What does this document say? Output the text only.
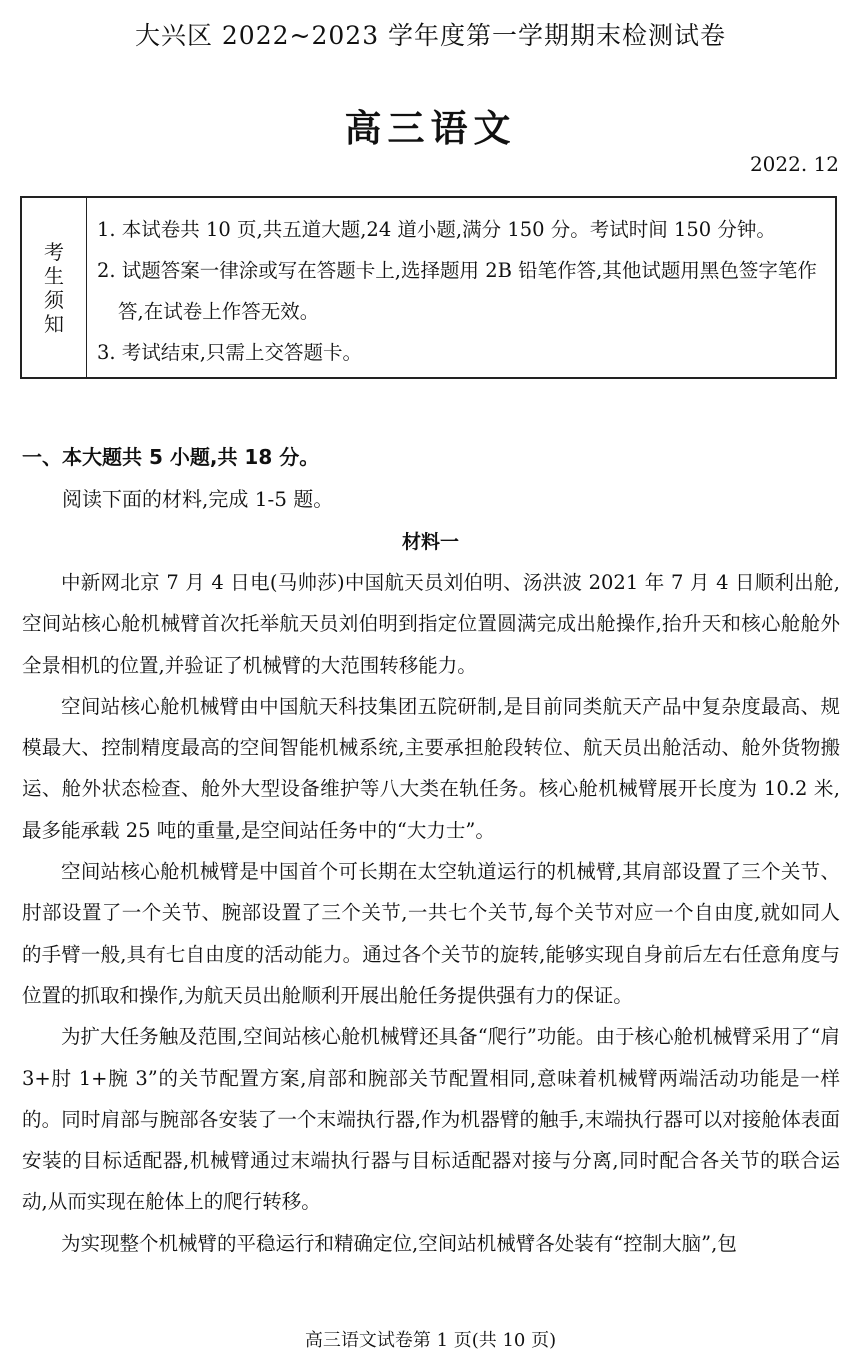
大兴区 2022~2023 学年度第一学期期末检测试卷
高三语文
2022. 12
考
生
须
知

1. 本试卷共 10 页,共五道大题,24 道小题,满分 150 分。考试时间 150 分钟。

2. 试题答案一律涂或写在答题卡上,选择题用 2B 铅笔作答,其他试题用黑色签字笔作答,在试卷上作答无效。

3. 考试结束,只需上交答题卡。

一、本大题共 5 小题,共 18 分。
阅读下面的材料,完成 1-5 题。
材料一

中新网北京 7 月 4 日电(马帅莎)中国航天员刘伯明、汤洪波 2021 年 7 月 4 日顺利出舱,空间站核心舱机械臂首次托举航天员刘伯明到指定位置圆满完成出舱操作,抬升天和核心舱舱外全景相机的位置,并验证了机械臂的大范围转移能力。

空间站核心舱机械臂由中国航天科技集团五院研制,是目前同类航天产品中复杂度最高、规模最大、控制精度最高的空间智能机械系统,主要承担舱段转位、航天员出舱活动、舱外货物搬运、舱外状态检查、舱外大型设备维护等八大类在轨任务。核心舱机械臂展开长度为 10.2 米,最多能承载 25 吨的重量,是空间站任务中的“大力士”。

空间站核心舱机械臂是中国首个可长期在太空轨道运行的机械臂,其肩部设置了三个关节、肘部设置了一个关节、腕部设置了三个关节,一共七个关节,每个关节对应一个自由度,就如同人的手臂一般,具有七自由度的活动能力。通过各个关节的旋转,能够实现自身前后左右任意角度与位置的抓取和操作,为航天员出舱顺利开展出舱任务提供强有力的保证。

为扩大任务触及范围,空间站核心舱机械臂还具备“爬行”功能。由于核心舱机械臂采用了“肩 3+肘 1+腕 3”的关节配置方案,肩部和腕部关节配置相同,意味着机械臂两端活动功能是一样的。同时肩部与腕部各安装了一个末端执行器,作为机器臂的触手,末端执行器可以对接舱体表面安装的目标适配器,机械臂通过末端执行器与目标适配器对接与分离,同时配合各关节的联合运动,从而实现在舱体上的爬行转移。

为实现整个机械臂的平稳运行和精确定位,空间站机械臂各处装有“控制大脑”,包

高三语文试卷第 1 页(共 10 页)
